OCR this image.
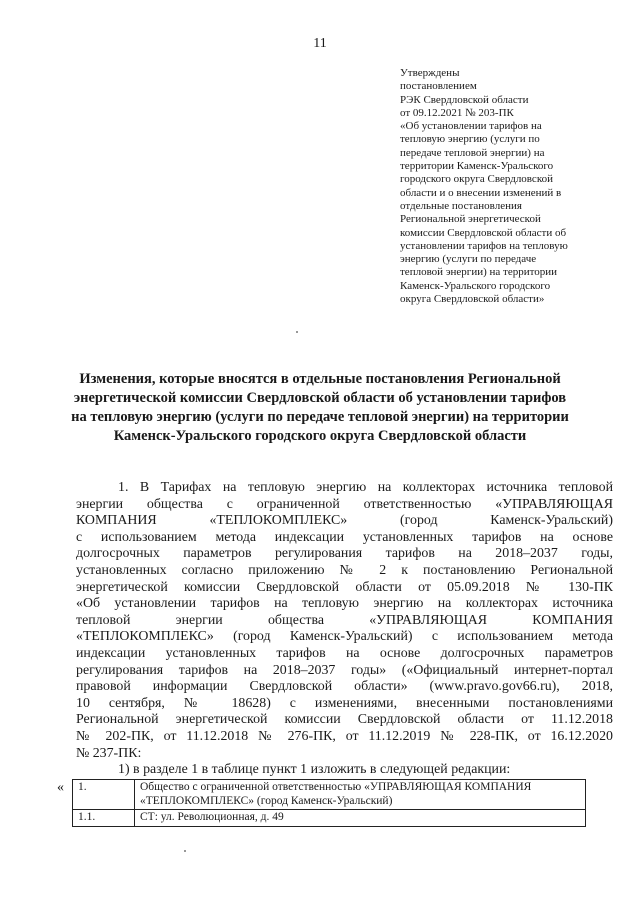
11
Утверждены
постановлением
РЭК Свердловской области
от 09.12.2021 № 203-ПК
«Об установлении тарифов на
тепловую энергию (услуги по
передаче тепловой энергии) на
территории Каменск-Уральского
городского округа Свердловской
области и о внесении изменений в
отдельные постановления
Региональной энергетической
комиссии Свердловской области об
установлении тарифов на тепловую
энергию (услуги по передаче
тепловой энергии) на территории
Каменск-Уральского городского
округа Свердловской области»
Изменения, которые вносятся в отдельные постановления Региональной
энергетической комиссии Свердловской области об установлении тарифов
на тепловую энергию (услуги по передаче тепловой энергии) на территории
Каменск-Уральского городского округа Свердловской области
1. В Тарифах на тепловую энергию на коллекторах источника тепловой
энергии общества с ограниченной ответственностью «УПРАВЛЯЮЩАЯ
КОМПАНИЯ «ТЕПЛОКОМПЛЕКС» (город Каменск-Уральский)
с использованием метода индексации установленных тарифов на основе
долгосрочных параметров регулирования тарифов на 2018–2037 годы,
установленных согласно приложению № 2 к постановлению Региональной
энергетической комиссии Свердловской области от 05.09.2018 № 130-ПК
«Об установлении тарифов на тепловую энергию на коллекторах источника
тепловой энергии общества «УПРАВЛЯЮЩАЯ КОМПАНИЯ
«ТЕПЛОКОМПЛЕКС» (город Каменск-Уральский) с использованием метода
индексации установленных тарифов на основе долгосрочных параметров
регулирования тарифов на 2018–2037 годы» («Официальный интернет-портал
правовой информации Свердловской области» (www.pravo.gov66.ru), 2018,
10 сентября, № 18628) с изменениями, внесенными постановлениями
Региональной энергетической комиссии Свердловской области от 11.12.2018
№ 202-ПК, от 11.12.2018 № 276-ПК, от 11.12.2019 № 228-ПК, от 16.12.2020
№ 237-ПК:
1) в разделе 1 в таблице пункт 1 изложить в следующей редакции:
« 1.	Общество с ограниченной ответственностью «УПРАВЛЯЮЩАЯ КОМПАНИЯ
«ТЕПЛОКОМПЛЕКС» (город Каменск-Уральский)

1.1.	СТ: ул. Революционная, д. 49
